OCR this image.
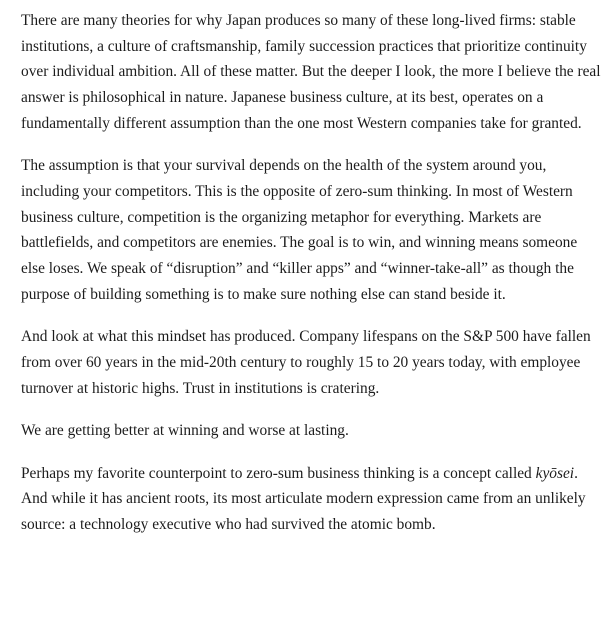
There are many theories for why Japan produces so many of these long-lived firms: stable institutions, a culture of craftsmanship, family succession practices that prioritize continuity over individual ambition. All of these matter. But the deeper I look, the more I believe the real answer is philosophical in nature. Japanese business culture, at its best, operates on a fundamentally different assumption than the one most Western companies take for granted.

The assumption is that your survival depends on the health of the system around you, including your competitors. This is the opposite of zero-sum thinking. In most of Western business culture, competition is the organizing metaphor for everything. Markets are battlefields, and competitors are enemies. The goal is to win, and winning means someone else loses. We speak of “disruption” and “killer apps” and “winner-take-all” as though the purpose of building something is to make sure nothing else can stand beside it.

And look at what this mindset has produced. Company lifespans on the S&P 500 have fallen from over 60 years in the mid-20th century to roughly 15 to 20 years today, with employee turnover at historic highs. Trust in institutions is cratering.

We are getting better at winning and worse at lasting.

Perhaps my favorite counterpoint to zero-sum business thinking is a concept called kyōsei. And while it has ancient roots, its most articulate modern expression came from an unlikely source: a technology executive who had survived the atomic bomb.
